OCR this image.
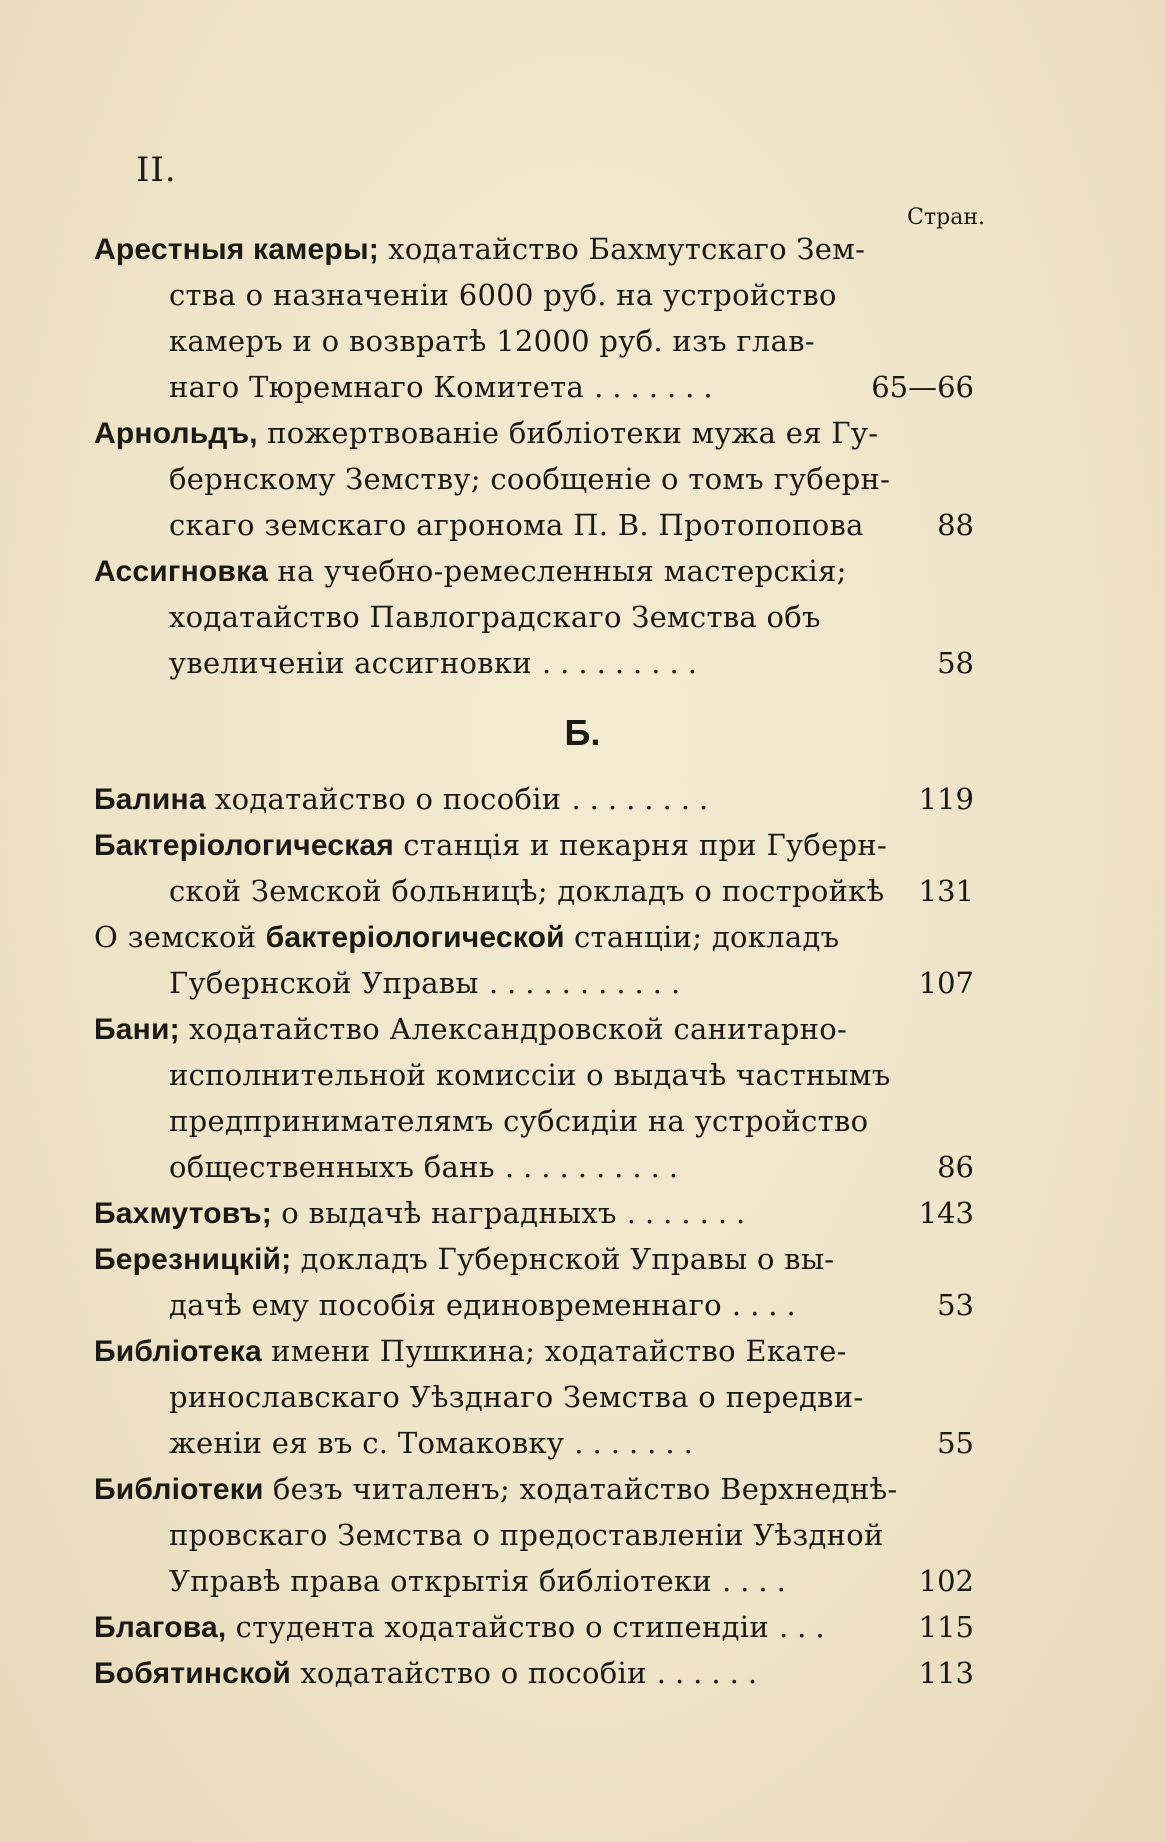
II.
Стран.
Арестныя камеры; ходатайство Бахмутскаго Зем-
ства о назначеніи 6000 руб. на устройство
камеръ и о возвратѣ 12000 руб. изъ глав-
наго Тюремнаго Комитета .......	65—66
Арнольдъ, пожертвованіе библіотеки мужа ея Гу-
бернскому Земству; сообщеніе о томъ губерн-
скаго земскаго агронома П. В. Протопопова	88
Ассигновка на учебно-ремесленныя мастерскія;
ходатайство Павлоградскаго Земства объ
увеличеніи ассигновки .........	58
Б.
Балина ходатайство о пособіи ........	119
Бактеріологическая станція и пекарня при Губерн-
ской Земской больницѣ; докладъ о постройкѣ 131
О земской бактеріологической станціи; докладъ
Губернской Управы ...........	107
Бани; ходатайство Александровской санитарно-
исполнительной комиссіи о выдачѣ частнымъ
предпринимателямъ субсидіи на устройство
общественныхъ бань ..........	86
Бахмутовъ; о выдачѣ наградныхъ .......	143
Березницкій; докладъ Губернской Управы о вы-
дачѣ ему пособія единовременнаго ....	53
Библіотека имени Пушкина; ходатайство Екате-
ринославскаго Уѣзднаго Земства о передви-
женіи ея въ с. Томаковку .......	55
Библіотеки безъ читаленъ; ходатайство Верхнеднѣ-
провскаго Земства о предоставленіи Уѣздной
Управѣ права открытія библіотеки ....	102
Благова, студента ходатайство о стипендіи ...	115
Бобятинской ходатайство о пособіи ......	113
